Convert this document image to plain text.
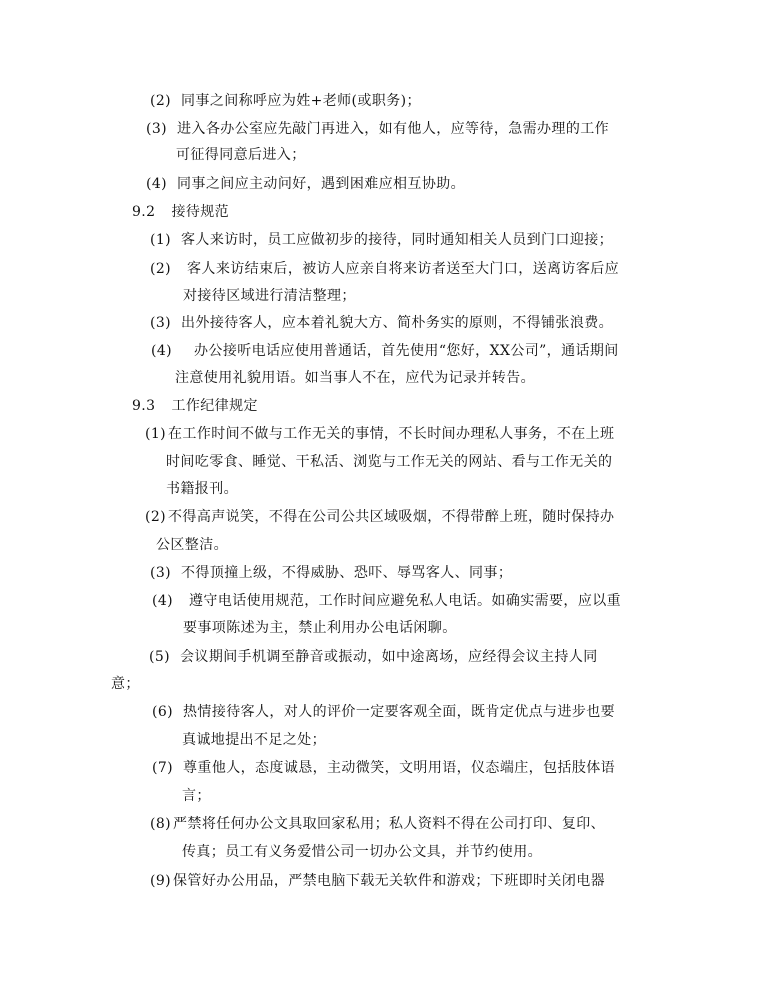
(2) 同事之间称呼应为姓+老师(或职务)；
(3) 进入各办公室应先敲门再进入，如有他人，应等待，急需办理的工作
可征得同意后进入；
(4) 同事之间应主动问好，遇到困难应相互协助。
9.2 接待规范
(1) 客人来访时，员工应做初步的接待，同时通知相关人员到门口迎接；
(2) 客人来访结束后，被访人应亲自将来访者送至大门口，送离访客后应
对接待区域进行清洁整理；
(3) 出外接待客人，应本着礼貌大方、简朴务实的原则，不得铺张浪费。
(4) 办公接听电话应使用普通话，首先使用“您好，XX公司”，通话期间
注意使用礼貌用语。如当事人不在，应代为记录并转告。
9.3 工作纪律规定
(1) 在工作时间不做与工作无关的事情，不长时间办理私人事务，不在上班
时间吃零食、睡觉、干私活、浏览与工作无关的网站、看与工作无关的
书籍报刊。
(2) 不得高声说笑，不得在公司公共区域吸烟，不得带醉上班，随时保持办
公区整洁。
(3) 不得顶撞上级，不得威胁、恐吓、辱骂客人、同事；
(4) 遵守电话使用规范，工作时间应避免私人电话。如确实需要，应以重
要事项陈述为主，禁止利用办公电话闲聊。
(5) 会议期间手机调至静音或振动，如中途离场，应经得会议主持人同
意；
(6) 热情接待客人，对人的评价一定要客观全面，既肯定优点与进步也要
真诚地提出不足之处；
(7) 尊重他人，态度诚恳，主动微笑，文明用语，仪态端庄，包括肢体语
言；
(8) 严禁将任何办公文具取回家私用；私人资料不得在公司打印、复印、
传真；员工有义务爱惜公司一切办公文具，并节约使用。
(9) 保管好办公用品，严禁电脑下载无关软件和游戏；下班即时关闭电器
